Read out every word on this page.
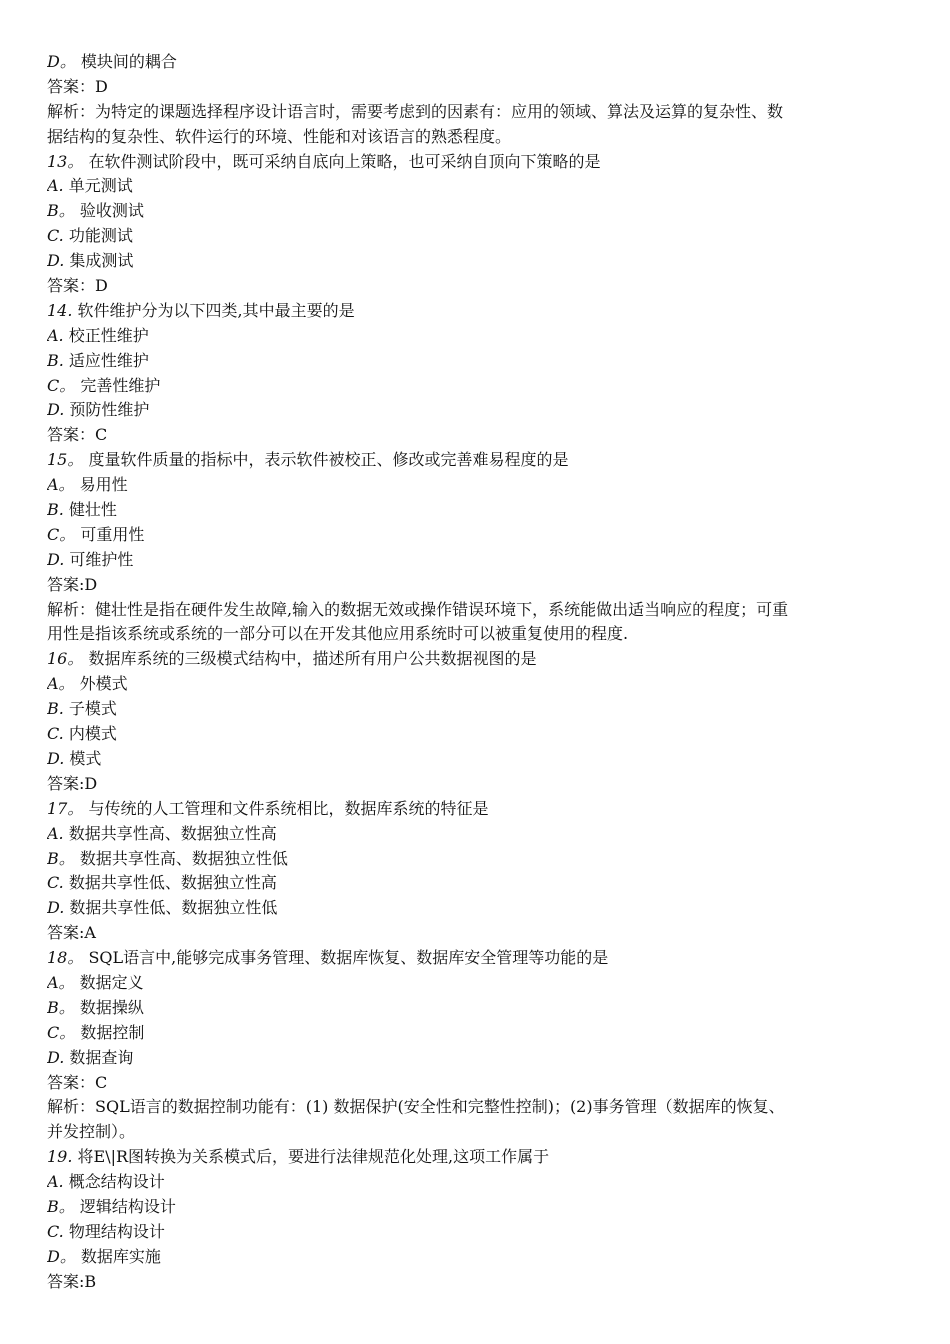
D。 模块间的耦合
答案：D
解析：为特定的课题选择程序设计语言时，需要考虑到的因素有：应用的领域、算法及运算的复杂性、数
据结构的复杂性、软件运行的环境、性能和对该语言的熟悉程度。
13。 在软件测试阶段中，既可采纳自底向上策略，也可采纳自顶向下策略的是
A. 单元测试
B。 验收测试
C. 功能测试
D. 集成测试
答案：D
14. 软件维护分为以下四类,其中最主要的是
A. 校正性维护
B. 适应性维护
C。 完善性维护
D. 预防性维护
答案：C
15。 度量软件质量的指标中，表示软件被校正、修改或完善难易程度的是
A。 易用性
B. 健壮性
C。 可重用性
D. 可维护性
答案:D
解析：健壮性是指在硬件发生故障,输入的数据无效或操作错误环境下，系统能做出适当响应的程度；可重
用性是指该系统或系统的一部分可以在开发其他应用系统时可以被重复使用的程度.
16。 数据库系统的三级模式结构中，描述所有用户公共数据视图的是
A。 外模式
B. 子模式
C. 内模式
D. 模式
答案:D
17。 与传统的人工管理和文件系统相比，数据库系统的特征是
A. 数据共享性高、数据独立性高
B。 数据共享性高、数据独立性低
C. 数据共享性低、数据独立性高
D. 数据共享性低、数据独立性低
答案:A
18。 SQL语言中,能够完成事务管理、数据库恢复、数据库安全管理等功能的是
A。 数据定义
B。 数据操纵
C。 数据控制
D. 数据查询
答案：C
解析：SQL语言的数据控制功能有：(1) 数据保护(安全性和完整性控制)；(2)事务管理（数据库的恢复、
并发控制）。
19. 将E\|R图转换为关系模式后，要进行法律规范化处理,这项工作属于
A. 概念结构设计
B。 逻辑结构设计
C. 物理结构设计
D。 数据库实施
答案:B
